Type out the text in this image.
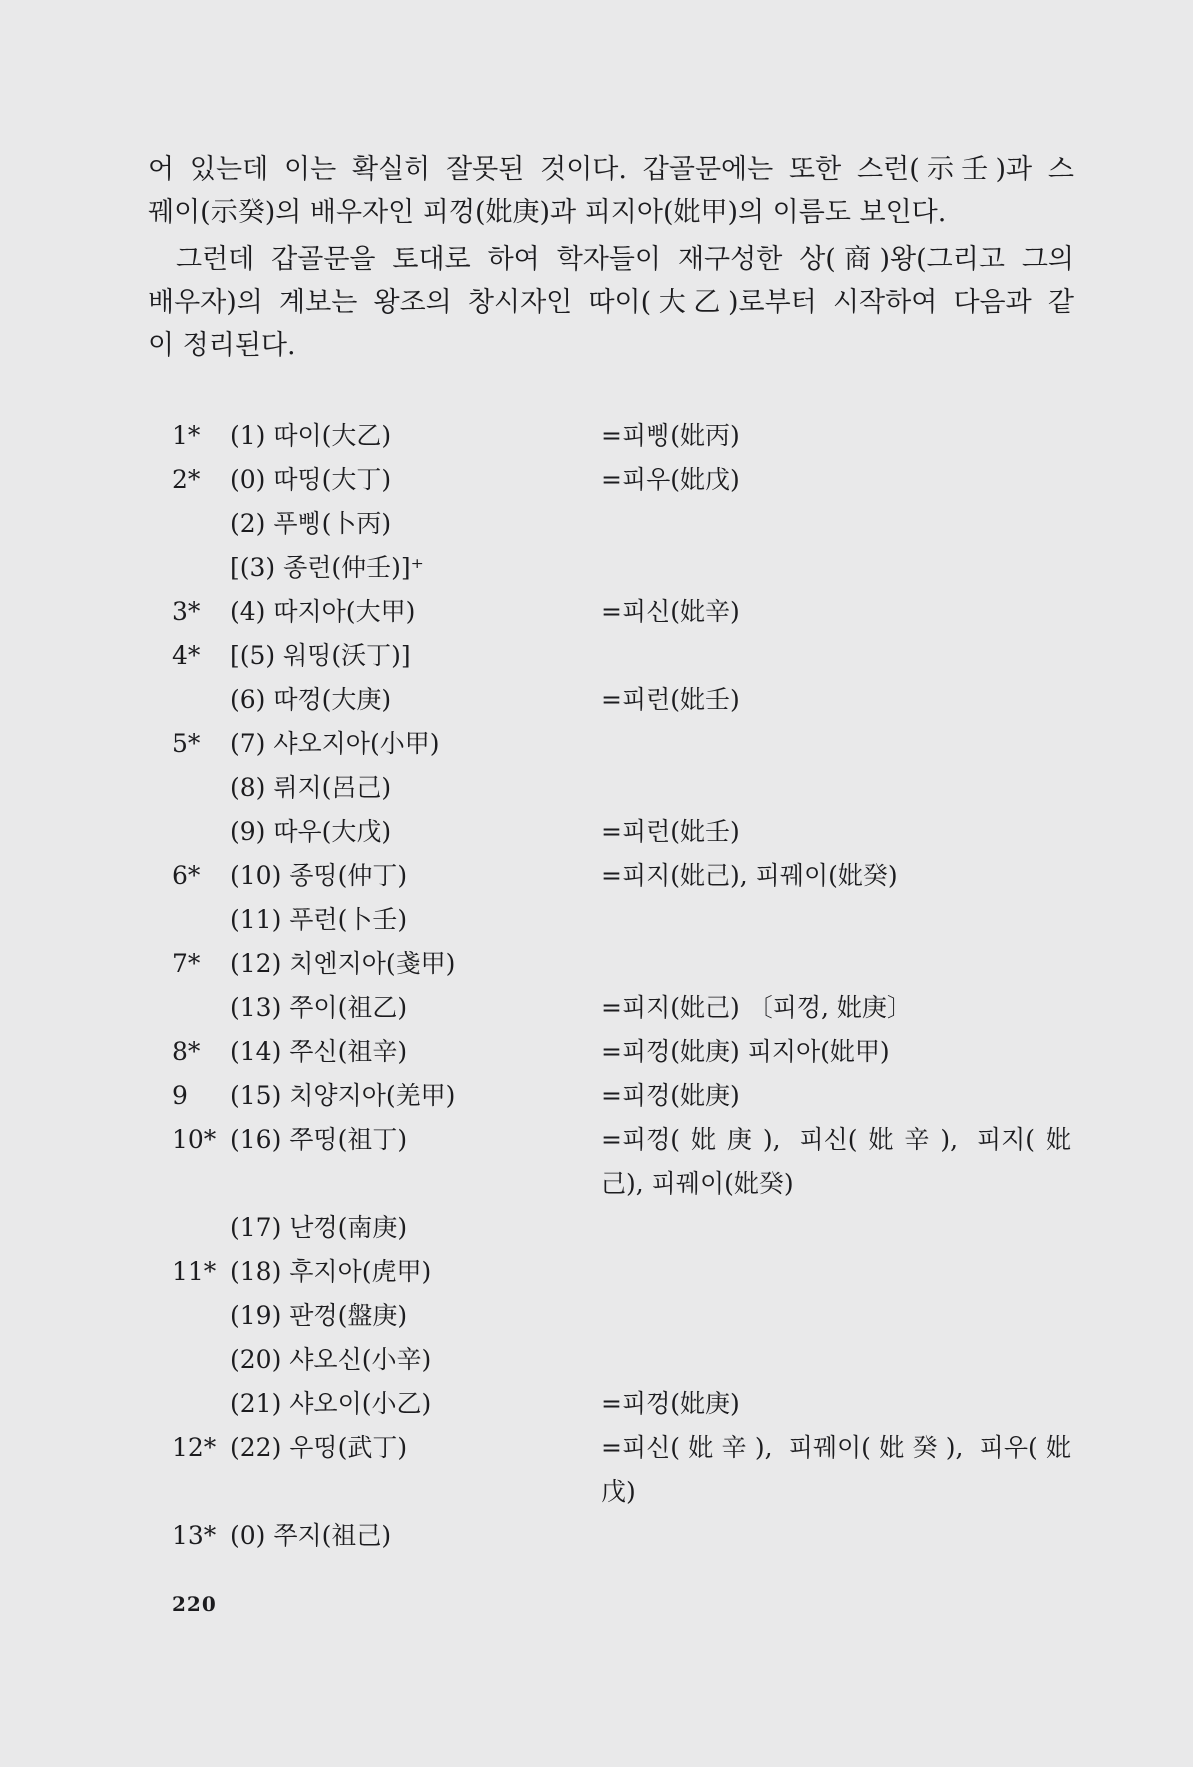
어 있는데 이는 확실히 잘못된 것이다. 갑골문에는 또한 스런(示壬)과 스
꿰이(示癸)의 배우자인 피껑(妣庚)과 피지아(妣甲)의 이름도 보인다.

그런데 갑골문을 토대로 하여 학자들이 재구성한 상(商)왕(그리고 그의
배우자)의 계보는 왕조의 창시자인 따이(大乙)로부터 시작하여 다음과 같
이 정리된다.

1* (1) 따이(大乙)	=피삥(妣丙)
2* (0) 따띵(大丁)	=피우(妣戊)
(2) 푸삥(卜丙)
[(3) 종런(仲壬)]⁺
3* (4) 따지아(大甲)	=피신(妣辛)
4* [(5) 워띵(沃丁)]
(6) 따껑(大庚)	=피런(妣壬)
5* (7) 샤오지아(小甲)
(8) 뤼지(呂己)
(9) 따우(大戊)	=피런(妣壬)
6* (10) 종띵(仲丁)	=피지(妣己), 피꿰이(妣癸)
(11) 푸런(卜壬)
7* (12) 치엔지아(戔甲)
(13) 쭈이(祖乙)	=피지(妣己) 〔피껑, 妣庚〕
8* (14) 쭈신(祖辛)	=피껑(妣庚) 피지아(妣甲)
9 (15) 치양지아(羌甲)	=피껑(妣庚)
10* (16) 쭈띵(祖丁)	=피껑(妣庚), 피신(妣辛), 피지(妣
己), 피꿰이(妣癸)
(17) 난껑(南庚)
11* (18) 후지아(虎甲)
(19) 판껑(盤庚)
(20) 샤오신(小辛)
(21) 샤오이(小乙)	=피껑(妣庚)
12* (22) 우띵(武丁)	=피신(妣辛), 피꿰이(妣癸), 피우(妣
戊)
13* (0) 쭈지(祖己)
220
